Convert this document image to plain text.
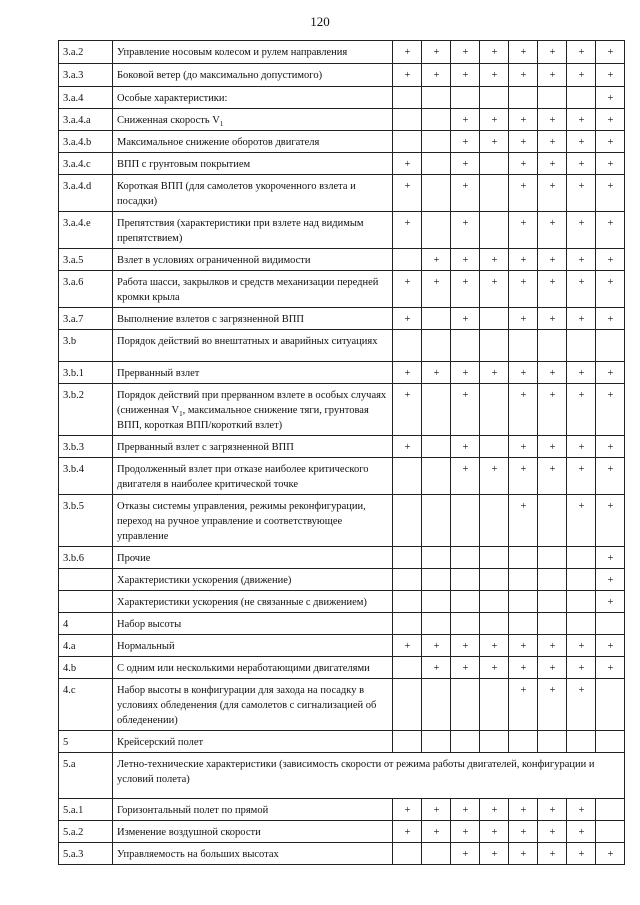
120
3.a.2	Управление носовым колесом и рулем направления	+	+	+	+	+	+	+	+
3.a.3	Боковой ветер (до максимально допустимого)	+	+	+	+	+	+	+	+
3.a.4	Особые характеристики:								+
3.a.4.a	Сниженная скорость $V_1$			+	+	+	+	+	+
3.a.4.b	Максимальное снижение оборотов двигателя			+	+	+	+	+	+
3.a.4.c	ВПП с грунтовым покрытием	+		+		+	+	+	+
3.a.4.d	Короткая ВПП (для самолетов укороченного взлета и посадки)	+		+		+	+	+	+
3.a.4.e	Препятствия (характеристики при взлете над видимым препятствием)	+		+		+	+	+	+
3.a.5	Взлет в условиях ограниченной видимости		+	+	+	+	+	+	+
3.a.6	Работа шасси, закрылков и средств механизации передней кромки крыла	+	+	+	+	+	+	+	+
3.a.7	Выполнение взлетов с загрязненной ВПП	+		+		+	+	+	+
3.b	Порядок действий во внештатных и аварийных ситуациях								
3.b.1	Прерванный взлет	+	+	+	+	+	+	+	+
3.b.2	Порядок действий при прерванном взлете в особых случаях (сниженная $V_1$, максимальное снижение тяги, грунтовая ВПП, короткая ВПП/короткий взлет)	+		+		+	+	+	+
3.b.3	Прерванный взлет с загрязненной ВПП	+		+		+	+	+	+
3.b.4	Продолженный взлет при отказе наиболее критического двигателя в наиболее критической точке			+	+	+	+	+	+
3.b.5	Отказы системы управления, режимы реконфигурации, переход на ручное управление и соответствующее управление					+		+	+
3.b.6	Прочие								+
	Характеристики ускорения (движение)								+
	Характеристики ускорения (не связанные с движением)								+
4	Набор высоты								
4.a	Нормальный	+	+	+	+	+	+	+	+
4.b	С одним или несколькими неработающими двигателями		+	+	+	+	+	+	+
4.c	Набор высоты в конфигурации для захода на посадку в условиях обледенения (для самолетов с сигнализацией об обледенении)					+	+	+	
5	Крейсерский полет								
5.a	Летно-технические характеристики (зависимость скорости от режима работы двигателей, конфигурации и условий полета)								
5.a.1	Горизонтальный полет по прямой	+	+	+	+	+	+	+	
5.a.2	Изменение воздушной скорости	+	+	+	+	+	+	+	
5.a.3	Управляемость на больших высотах			+	+	+	+	+	+
